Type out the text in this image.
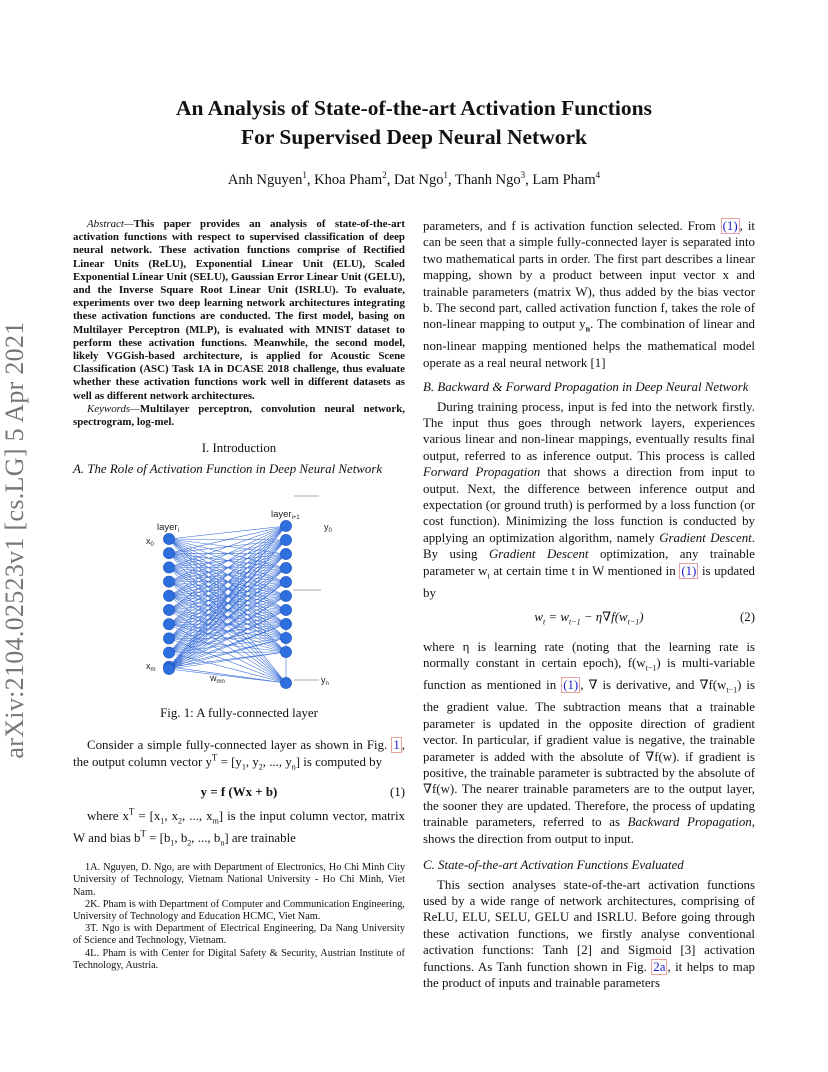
arXiv:2104.02523v1 [cs.LG] 5 Apr 2021
An Analysis of State-of-the-art Activation Functions
For Supervised Deep Neural Network
Anh Nguyen$^1$, Khoa Pham$^2$, Dat Ngo$^1$, Thanh Ngo$^3$, Lam Pham$^4$

Abstract—This paper provides an analysis of state-of-the-art activation functions with respect to supervised classification of deep neural network. These activation functions comprise of Rectified Linear Units (ReLU), Exponential Linear Unit (ELU), Scaled Exponential Linear Unit (SELU), Gaussian Error Linear Unit (GELU), and the Inverse Square Root Linear Unit (ISRLU). To evaluate, experiments over two deep learning network architectures integrating these activation functions are conducted. The first model, basing on Multilayer Perceptron (MLP), is evaluated with MNIST dataset to perform these activation functions. Meanwhile, the second model, likely VGGish-based architecture, is applied for Acoustic Scene Classification (ASC) Task 1A in DCASE 2018 challenge, thus evaluate whether these activation functions work well in different datasets as well as different network architectures.

Keywords—Multilayer perceptron, convolution neural network, spectrogram, log-mel.

I. Introduction
A. The Role of Activation Function in Deep Neural Network
layer$_i$
layer$_{i+1}$
$x_0$
$x_m$
$y_0$
$y_n$
$w_{mn}$
Fig. 1: A fully-connected layer

Consider a simple fully-connected layer as shown in Fig. 1 , the output column vector $y^T = [y_1$, $y_2$, ..., $y_n$] is computed by

y = f (Wx + b)	(1)

where $x^T = [x_1$, $x_2$, ..., $x_m$] is the input column vector, matrix W and bias $b^T = [b_1$, $b_2$, ..., $b_n$] are trainable

1A. Nguyen, D. Ngo, are with Department of Electronics, Ho Chi Minh City University of Technology, Vietnam National University - Ho Chi Minh, Viet Nam.

2K. Pham is with Department of Computer and Communication Engineering, University of Technology and Education HCMC, Viet Nam.

3T. Ngo is with Department of Electrical Engineering, Da Nang University of Science and Technology, Vietnam.

4L. Pham is with Center for Digital Safety & Security, Austrian Institute of Technology, Austria.

parameters, and f is activation function selected. From (1) , it can be seen that a simple fully-connected layer is separated into two mathematical parts in order. The first part describes a linear mapping, shown by a product between input vector x and trainable parameters (matrix W), thus added by the bias vector b. The second part, called activation function f, takes the role of non-linear mapping to output $y_n$. The combination of linear and non-linear mapping mentioned helps the mathematical model operate as a real neural network [1]

B. Backward & Forward Propagation in Deep Neural Network

During training process, input is fed into the network firstly. The input thus goes through network layers, experiences various linear and non-linear mappings, eventually results final output, referred to as inference output. This process is called Forward Propagation that shows a direction from input to output. Next, the difference between inference output and expectation (or ground truth) is performed by a loss function (or cost function). Minimizing the loss function is conducted by applying an optimization algorithm, namely Gradient Descent. By using Gradient Descent optimization, any trainable parameter $w_t$ at certain time t in W mentioned in (1) is updated by

$w_t = w_{t-1} - \eta\nabla f(w_{t-1})$	(2)

where η is learning rate (noting that the learning rate is normally constant in certain epoch), $f(w_{t-1})$ is multi-variable function as mentioned in (1) , ∇ is derivative, and $\nabla f(w_{t-1})$ is the gradient value. The subtraction means that a trainable parameter is updated in the opposite direction of gradient vector. In particular, if gradient value is negative, the trainable parameter is added with the absolute of ∇f(w). if gradient is positive, the trainable parameter is subtracted by the absolute of ∇f(w). The nearer trainable parameters are to the output layer, the sooner they are updated. Therefore, the process of updating trainable parameters, referred to as Backward Propagation, shows the direction from output to input.

C. State-of-the-art Activation Functions Evaluated

This section analyses state-of-the-art activation functions used by a wide range of network architectures, comprising of ReLU, ELU, SELU, GELU and ISRLU. Before going through these activation functions, we firstly analyse conventional activation functions: Tanh [2] and Sigmoid [3] activation functions. As Tanh function shown in Fig. 2a , it helps to map the product of inputs and trainable parameters
